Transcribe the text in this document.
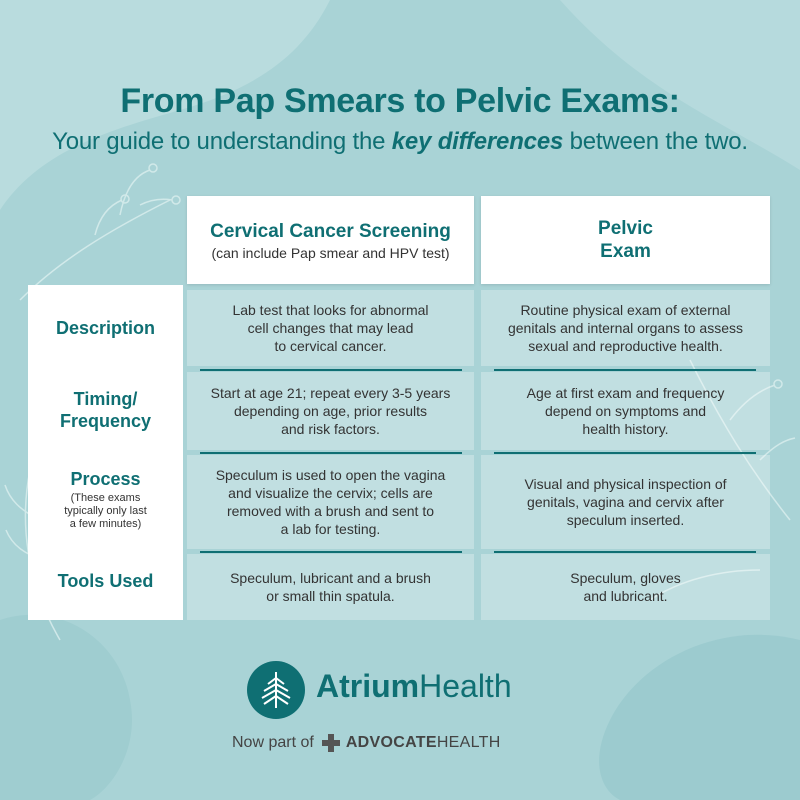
From Pap Smears to Pelvic Exams:
Your guide to understanding the key differences between the two.
Cervical Cancer Screening
(can include Pap smear and HPV test)
Pelvic
Exam
Description
Timing/
Frequency
Process
(These exams
typically only last
a few minutes)
Tools Used
Lab test that looks for abnormal
cell changes that may lead
to cervical cancer.
Routine physical exam of external
genitals and internal organs to assess
sexual and reproductive health.
Start at age 21; repeat every 3-5 years
depending on age, prior results
and risk factors.
Age at first exam and frequency
depend on symptoms and
health history.
Speculum is used to open the vagina
and visualize the cervix; cells are
removed with a brush and sent to
a lab for testing.
Visual and physical inspection of
genitals, vagina and cervix after
speculum inserted.
Speculum, lubricant and a brush
or small thin spatula.
Speculum, gloves
and lubricant.
AtriumHealth
Now part of ADVOCATE HEALTH
